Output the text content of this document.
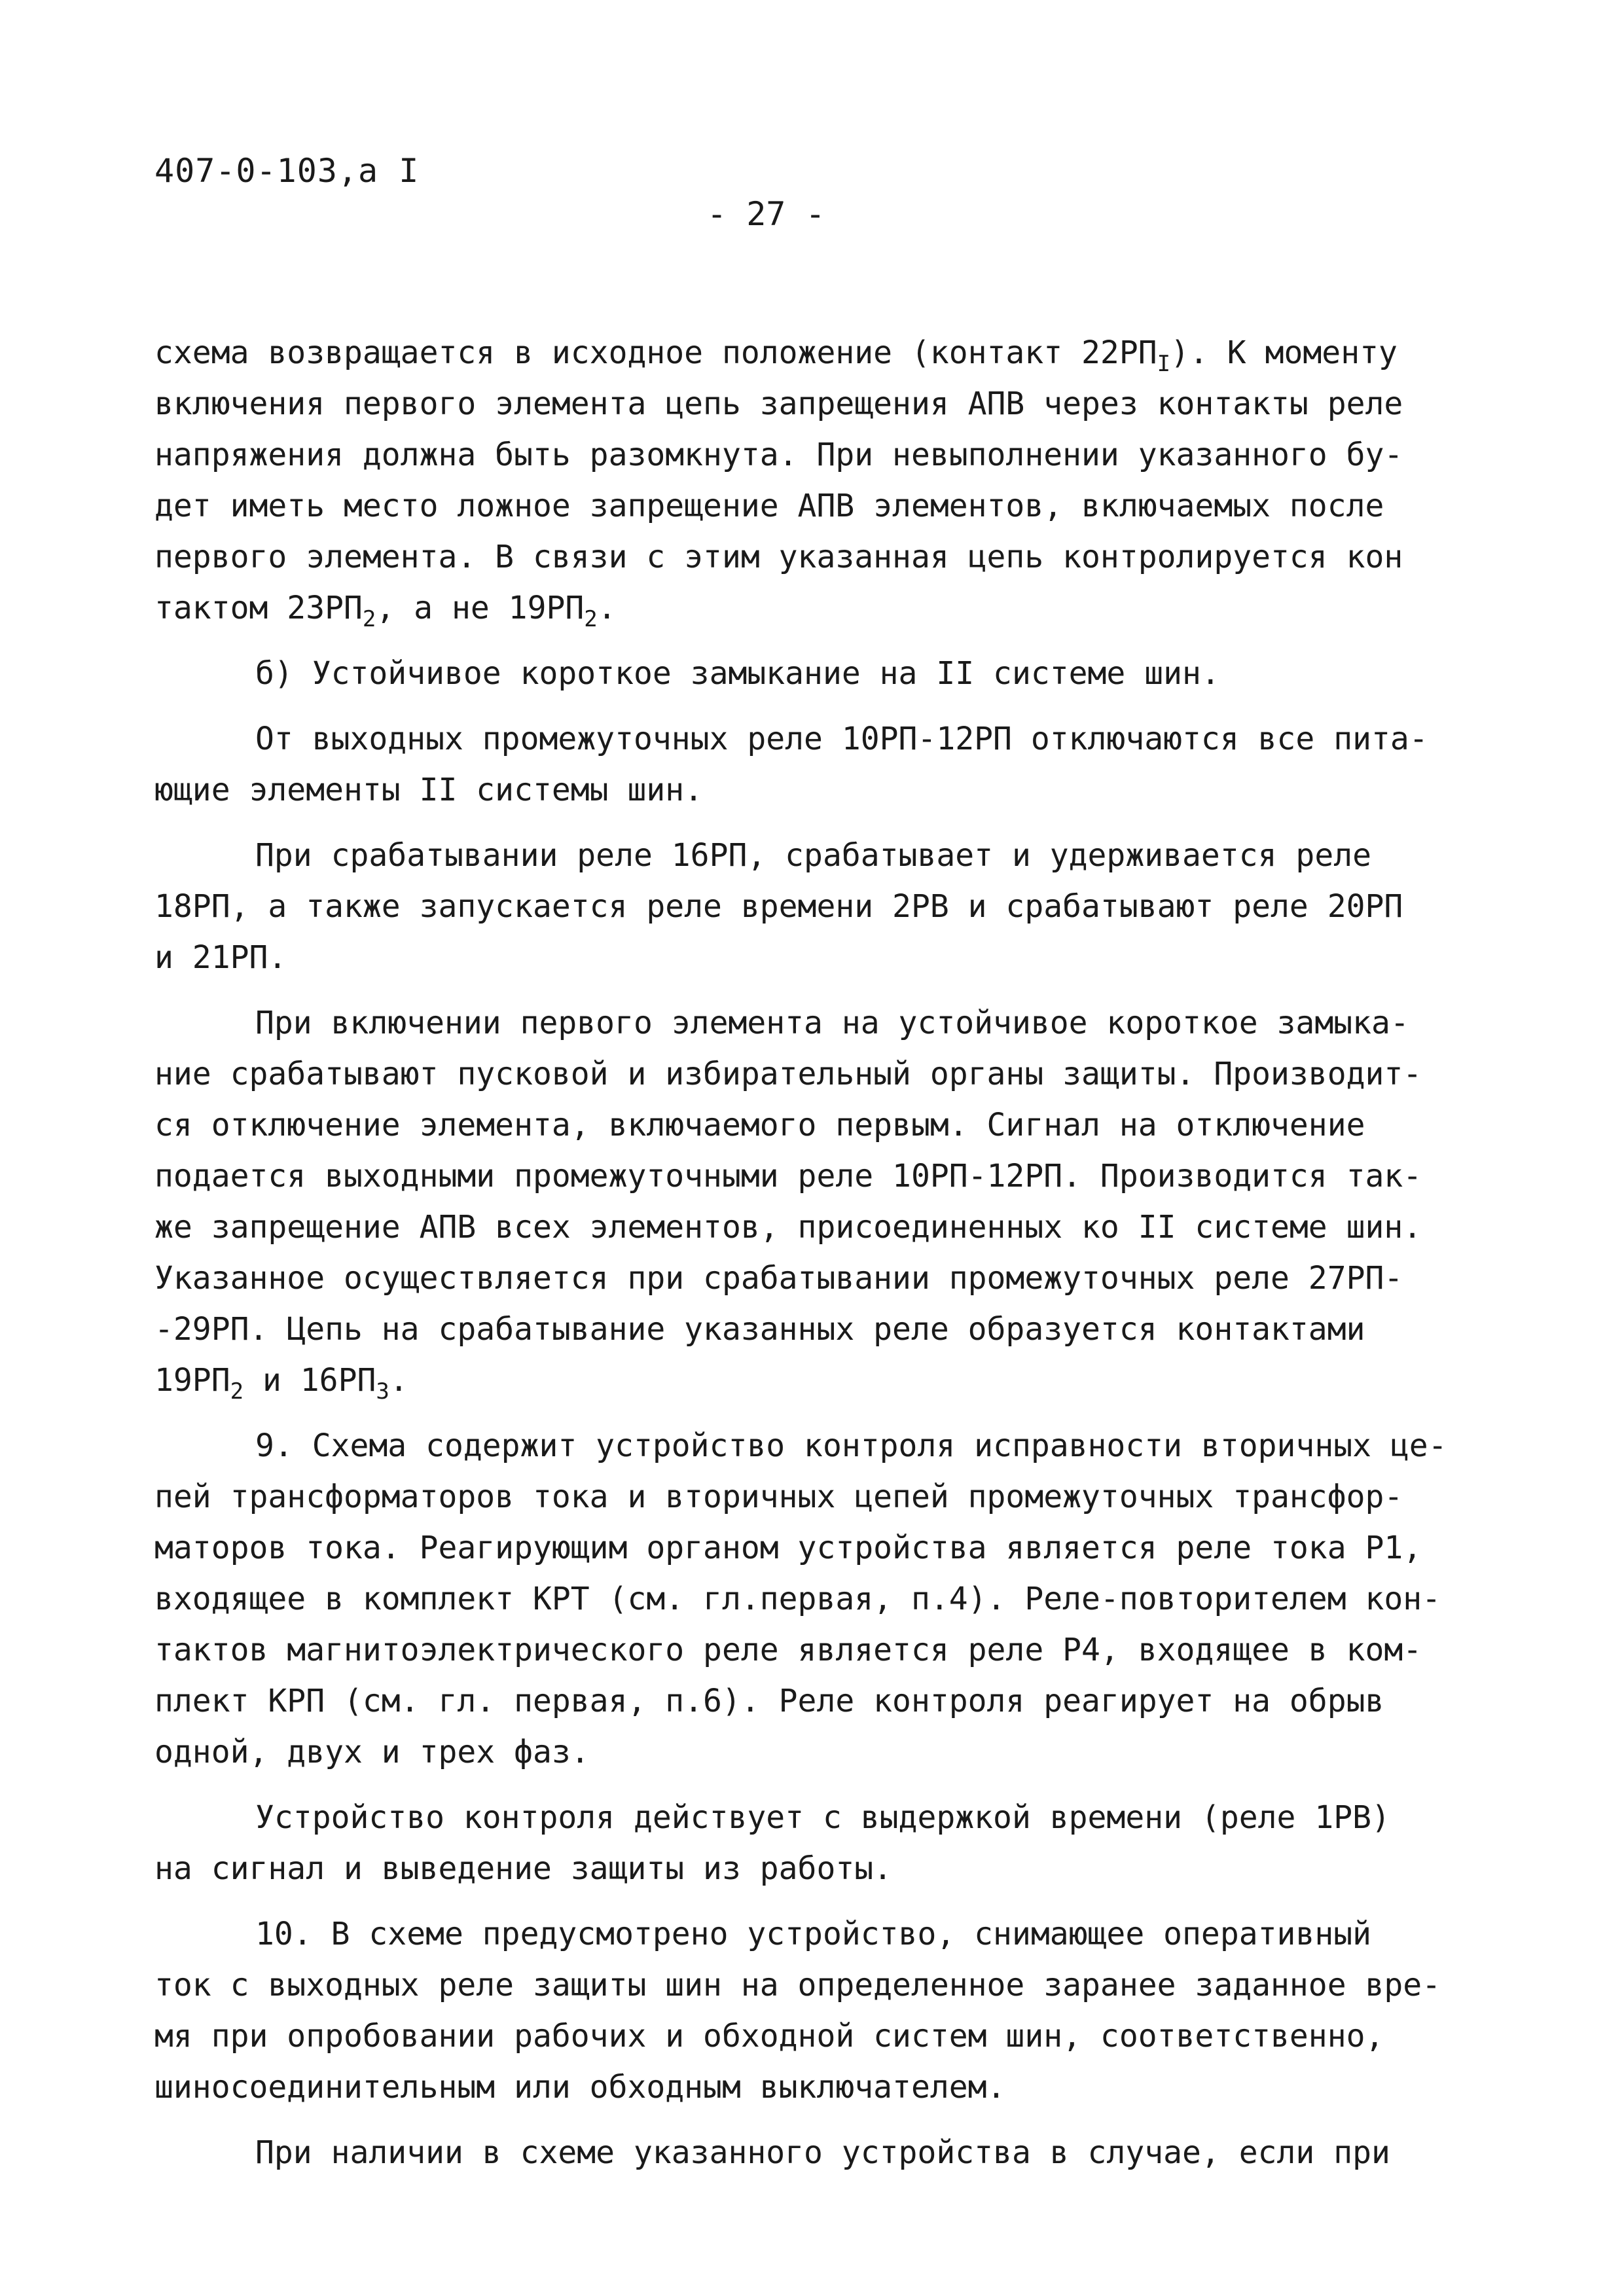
407-0-103,а I
- 27 -
схема возвращается в исходное положение (контакт $22РП_I$). К моменту
включения первого элемента цепь запрещения АПВ через контакты реле
напряжения должна быть разомкнута. При невыполнении указанного бу-
дет иметь место ложное запрещение АПВ элементов, включаемых после
первого элемента. В связи с этим указанная цепь контролируется кон
тактом $23РП_2$, а не $19РП_2$.
б) Устойчивое короткое замыкание на II системе шин.
От выходных промежуточных реле 10РП-12РП отключаются все пита-
ющие элементы II системы шин.
При срабатывании реле 16РП, срабатывает и удерживается реле
18РП, а также запускается реле времени 2РВ и срабатывают реле 20РП
и 21РП.
При включении первого элемента на устойчивое короткое замыка-
ние срабатывают пусковой и избирательный органы защиты. Производит-
ся отключение элемента, включаемого первым. Сигнал на отключение
подается выходными промежуточными реле 10РП-12РП. Производится так-
же запрещение АПВ всех элементов, присоединенных ко II системе шин.
Указанное осуществляется при срабатывании промежуточных реле 27РП-
-29РП. Цепь на срабатывание указанных реле образуется контактами
$19РП_2$ и $16РП_3$.
9. Схема содержит устройство контроля исправности вторичных це-
пей трансформаторов тока и вторичных цепей промежуточных трансфор-
маторов тока. Реагирующим органом устройства является реле тока Р1,
входящее в комплект КРТ (см. гл.первая, п.4). Реле-повторителем кон-
тактов магнитоэлектрического реле является реле Р4, входящее в ком-
плект КРП (см. гл. первая, п.6). Реле контроля реагирует на обрыв
одной, двух и трех фаз.
Устройство контроля действует с выдержкой времени (реле 1РВ)
на сигнал и выведение защиты из работы.
10. В схеме предусмотрено устройство, снимающее оперативный
ток с выходных реле защиты шин на определенное заранее заданное вре-
мя при опробовании рабочих и обходной систем шин, соответственно,
шиносоединительным или обходным выключателем.
При наличии в схеме указанного устройства в случае, если при
